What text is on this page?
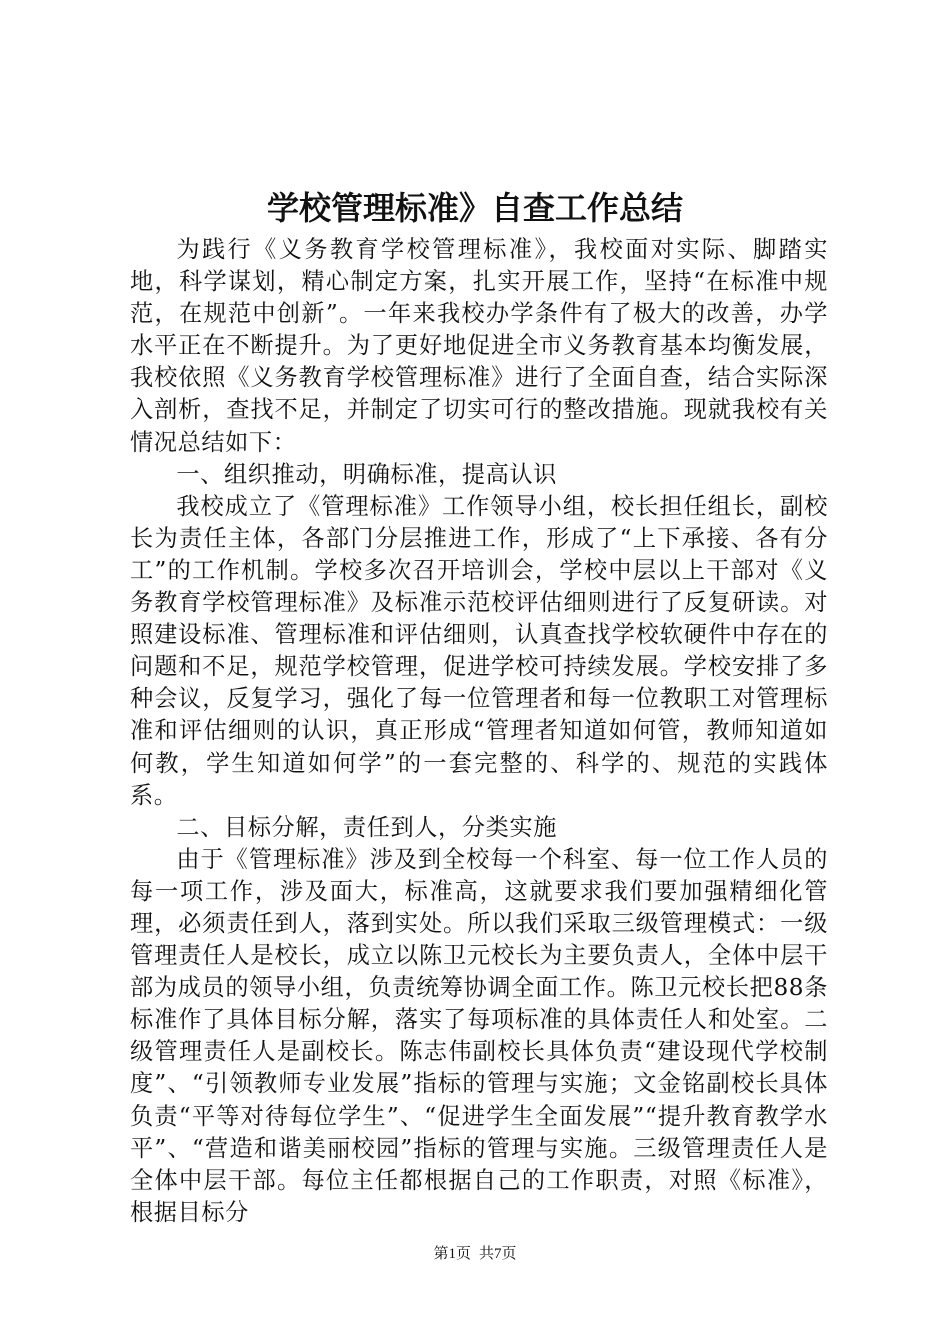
学校管理标准》自查工作总结

为践行《义务教育学校管理标准》，我校面对实际、脚踏实地，科学谋划，精心制定方案，扎实开展工作，坚持“在标准中规范，在规范中创新”。一年来我校办学条件有了极大的改善，办学水平正在不断提升。为了更好地促进全市义务教育基本均衡发展，我校依照《义务教育学校管理标准》进行了全面自查，结合实际深入剖析，查找不足，并制定了切实可行的整改措施。现就我校有关情况总结如下：

一、组织推动，明确标准，提高认识

我校成立了《管理标准》工作领导小组，校长担任组长，副校长为责任主体，各部门分层推进工作，形成了“上下承接、各有分工”的工作机制。学校多次召开培训会，学校中层以上干部对《义务教育学校管理标准》及标准示范校评估细则进行了反复研读。对照建设标准、管理标准和评估细则，认真查找学校软硬件中存在的问题和不足，规范学校管理，促进学校可持续发展。学校安排了多种会议，反复学习，强化了每一位管理者和每一位教职工对管理标准和评估细则的认识，真正形成“管理者知道如何管，教师知道如何教，学生知道如何学”的一套完整的、科学的、规范的实践体系。

二、目标分解，责任到人，分类实施

由于《管理标准》涉及到全校每一个科室、每一位工作人员的每一项工作，涉及面大，标准高，这就要求我们要加强精细化管理，必须责任到人，落到实处。所以我们采取三级管理模式：一级管理责任人是校长，成立以陈卫元校长为主要负责人，全体中层干部为成员的领导小组，负责统筹协调全面工作。陈卫元校长把88条标准作了具体目标分解，落实了每项标准的具体责任人和处室。二级管理责任人是副校长。陈志伟副校长具体负责“建设现代学校制度”、“引领教师专业发展”指标的管理与实施；文金铭副校长具体负责“平等对待每位学生”、“促进学生全面发展”“提升教育教学水平”、“营造和谐美丽校园”指标的管理与实施。三级管理责任人是全体中层干部。每位主任都根据自己的工作职责，对照《标准》，根据目标分

第1页 共7页
